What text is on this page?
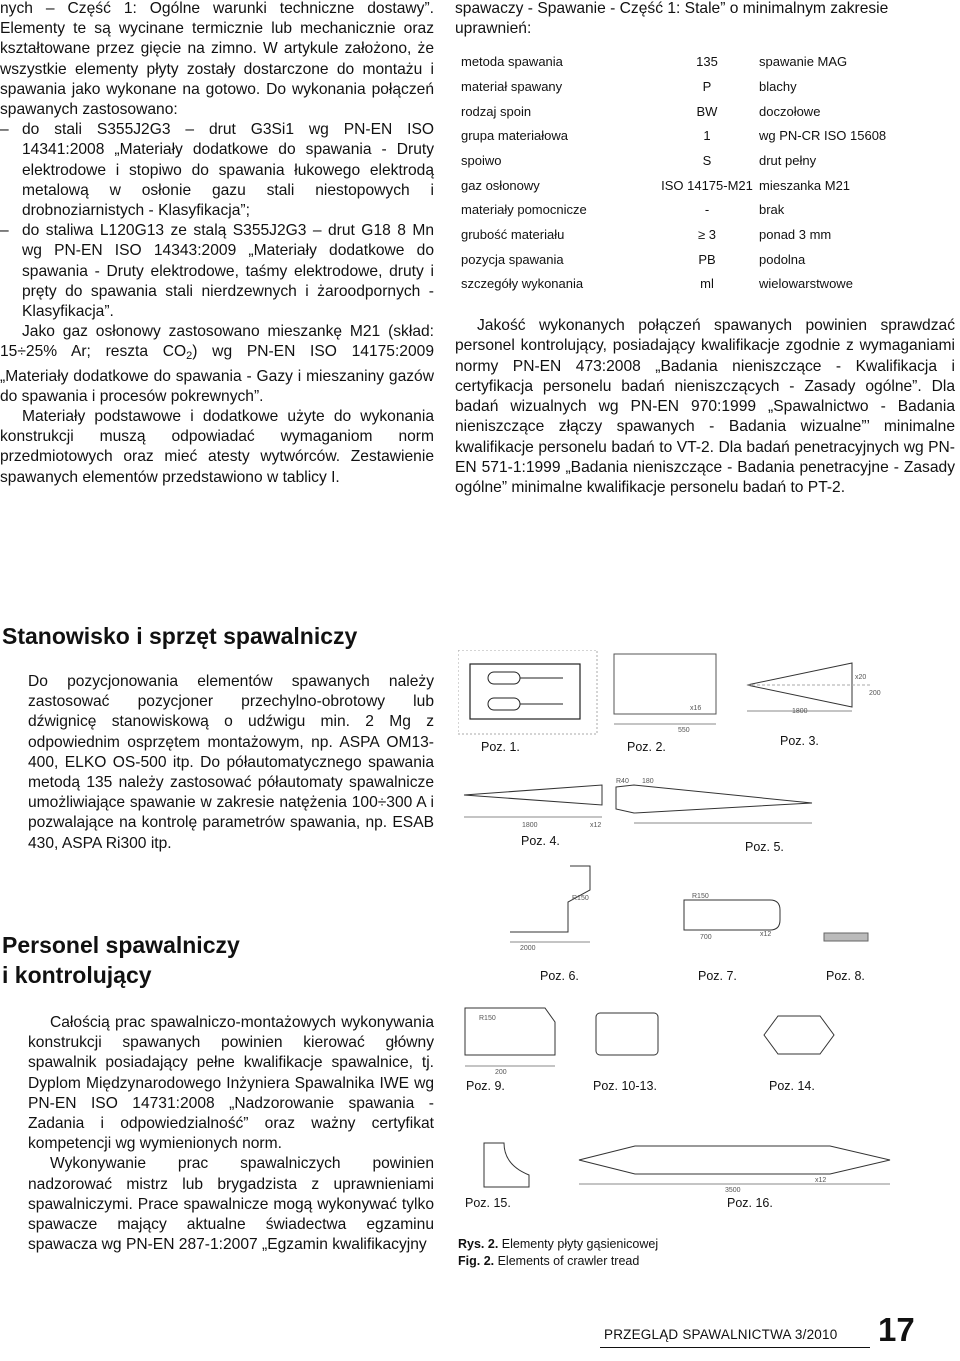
nych – Część 1: Ogólne warunki techniczne dostawy”. Elementy te są wycinane termicznie lub mechanicznie oraz kształtowane przez gięcie na zimno. W artykule założono, że wszystkie elementy płyty zostały dostarczone do montażu i spawania jako wykonane na gotowo. Do wykonania połączeń spawanych zastosowano:

– do stali S355J2G3 – drut G3Si1 wg PN-EN ISO 14341:2008 „Materiały dodatkowe do spawania - Druty elektrodowe i stopiwo do spawania łukowego elektrodą metalową w osłonie gazu stali niestopowych i drobnoziarnistych - Klasyfikacja”;
– do staliwa L120G13 ze stalą S355J2G3 – drut G18 8 Mn wg PN-EN ISO 14343:2009 „Materiały dodatkowe do spawania - Druty elektrodowe, taśmy elektrodowe, druty i pręty do spawania stali nierdzewnych i żaroodpornych - Klasyfikacja”.

Jako gaz osłonowy zastosowano mieszankę M21 (skład: 15÷25% Ar; reszta $CO_2$) wg PN-EN ISO 14175:2009 „Materiały dodatkowe do spawania - Gazy i mieszaniny gazów do spawania i procesów pokrewnych”.

Materiały podstawowe i dodatkowe użyte do wykonania konstrukcji muszą odpowiadać wymaganiom norm przedmiotowych oraz mieć atesty wytwórców. Zestawienie spawanych elementów przedstawiono w tablicy I.

Stanowisko i sprzęt spawalniczy

Do pozycjonowania elementów spawanych należy zastosować pozycjoner przechylno-obrotowy lub dźwignicę stanowiskową o udźwigu min. 2 Mg z odpowiednim osprzętem montażowym, np. ASPA OM13-400, ELKO OS-500 itp. Do półautomatycznego spawania metodą 135 należy zastosować półautomaty spawalnicze umożliwiające spawanie w zakresie natężenia 100÷300 A i pozwalające na kontrolę parametrów spawania, np. ESAB 430, ASPA Ri300 itp.

Personel spawalniczy
i kontrolujący

Całością prac spawalniczo-montażowych wykonywania konstrukcji spawanych powinien kierować główny spawalnik posiadający pełne kwalifikacje spawalnice, tj. Dyplom Międzynarodowego Inżyniera Spawalnika IWE wg PN-EN ISO 14731:2008 „Nadzorowanie spawania - Zadania i odpowiedzialność” oraz ważny certyfikat kompetencji wg wymienionych norm.

Wykonywanie prac spawalniczych powinien nadzorować mistrz lub brygadzista z uprawnieniami spawalniczymi. Prace spawalnicze mogą wykonywać tylko spawacze mający aktualne świadectwa egzaminu spawacza wg PN-EN 287-1:2007 „Egzamin kwalifikacyjny

spawaczy - Spawanie - Część 1: Stale” o minimalnym zakresie uprawnień:

metoda spawania	135	spawanie MAG
materiał spawany	P	blachy
rodzaj spoin	BW	doczołowe
grupa materiałowa	1	wg PN-CR ISO 15608
spoiwo	S	drut pełny
gaz osłonowy	ISO 14175-M21	mieszanka M21
materiały pomocnicze	-	brak
grubość materiału	≥ 3	ponad 3 mm
pozycja spawania	PB	podolna
szczegóły wykonania	ml	wielowarstwowe

Jakość wykonanych połączeń spawanych powinien sprawdzać personel kontrolujący, posiadający kwalifikacje zgodnie z wymaganiami normy PN-EN 473:2008 „Badania nieniszczące - Kwalifikacja i certyfikacja personelu badań nieniszczących - Zasady ogólne”. Dla badań wizualnych wg PN-EN 970:1999 „Spawalnictwo - Badania nieniszczące złączy spawanych - Badania wizualne”’ minimalne kwalifikacje personelu badań to VT-2. Dla badań penetracyjnych wg PN-EN 571-1:1999 „Badania nieniszczące - Badania penetracyjne - Zasady ogólne” minimalne kwalifikacje personelu badań to PT-2.

550
x16	1800
x20
200
Poz. 1.	Poz. 2.	Poz. 3.
1800	x12
R40 180
Poz. 4.	Poz. 5.
R150
2000
R150
700	x12
Poz. 6.	Poz. 7.	Poz. 8.
R150
200
Poz. 9.	Poz. 10-13.	Poz. 14.
3500
x12
Poz. 15.	Poz. 16.
Rys. 2. Elementy płyty gąsienicowej
Fig. 2. Elements of crawler tread
PRZEGLĄD SPAWALNICTWA 3/2010 17
